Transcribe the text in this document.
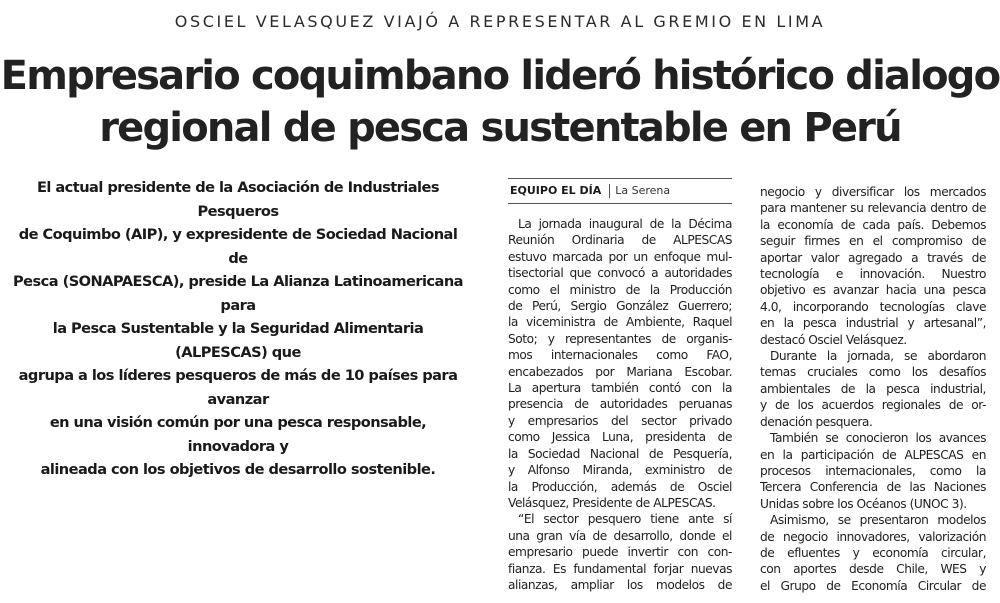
OSCIEL VELASQUEZ VIAJÓ A REPRESENTAR AL GREMIO EN LIMA
Empresario coquimbano lideró histórico dialogo
regional de pesca sustentable en Perú
El actual presidente de la Asociación de Industriales Pesqueros
de Coquimbo (AIP), y expresidente de Sociedad Nacional de
Pesca (SONAPAESCA), preside La Alianza Latinoamericana para
la Pesca Sustentable y la Seguridad Alimentaria (ALPESCAS) que
agrupa a los líderes pesqueros de más de 10 países para avanzar
en una visión común por una pesca responsable, innovadora y
alineada con los objetivos de desarrollo sostenible.
EQUIPO EL DÍA La Serena
La jornada inaugural de la Décima
Reunión Ordinaria de ALPESCAS
estuvo marcada por un enfoque mul-
tisectorial que convocó a autoridades
como el ministro de la Producción
de Perú, Sergio González Guerrero;
la viceministra de Ambiente, Raquel
Soto; y representantes de organis-
mos internacionales como FAO,
encabezados por Mariana Escobar.
La apertura también contó con la
presencia de autoridades peruanas
y empresarios del sector privado
como Jessica Luna, presidenta de
la Sociedad Nacional de Pesquería,
y Alfonso Miranda, exministro de
la Producción, además de Osciel
Velásquez, Presidente de ALPESCAS.
“El sector pesquero tiene ante sí
una gran vía de desarrollo, donde el
empresario puede invertir con con-
fianza. Es fundamental forjar nuevas
alianzas, ampliar los modelos de
negocio y diversificar los mercados
para mantener su relevancia dentro de
la economía de cada país. Debemos
seguir firmes en el compromiso de
aportar valor agregado a través de
tecnología e innovación. Nuestro
objetivo es avanzar hacia una pesca
4.0, incorporando tecnologías clave
en la pesca industrial y artesanal”,
destacó Osciel Velásquez.
Durante la jornada, se abordaron
temas cruciales como los desafíos
ambientales de la pesca industrial,
y de los acuerdos regionales de or-
denación pesquera.
También se conocieron los avances
en la participación de ALPESCAS en
procesos internacionales, como la
Tercera Conferencia de las Naciones
Unidas sobre los Océanos (UNOC 3).
Asimismo, se presentaron modelos
de negocio innovadores, valorización
de efluentes y economía circular,
con aportes desde Chile, WES y
el Grupo de Economía Circular de
